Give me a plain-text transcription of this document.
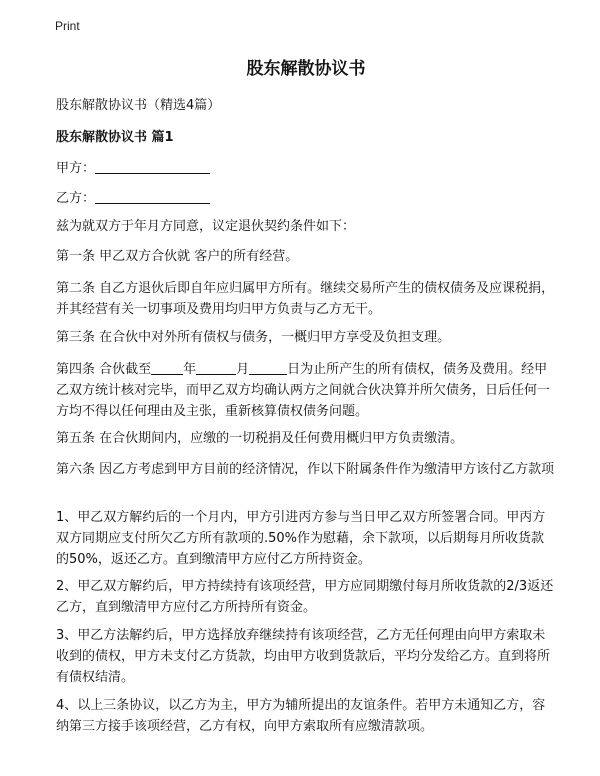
Print
股东解散协议书

股东解散协议书（精选4篇）

股东解散协议书 篇1

甲方：

乙方：

兹为就双方于年月方同意，议定退伙契约条件如下：

第一条 甲乙双方合伙就 客户的所有经营。

第二条 自乙方退伙后即自年应归属甲方所有。继续交易所产生的债权债务及应课税捐，并其经营有关一切事项及费用均归甲方负责与乙方无干。

第三条 在合伙中对外所有债权与债务，一概归甲方享受及负担支理。

第四条 合伙截至 年	月	日为止所产生的所有债权，债务及费用。经甲乙双方统计核对完毕，而甲乙双方均确认两方之间就合伙决算并所欠债务，日后任何一方均不得以任何理由及主张，重新核算债权债务问题。

第五条 在合伙期间内，应缴的一切税捐及任何费用概归甲方负责缴清。

第六条 因乙方考虑到甲方目前的经济情况，作以下附属条件作为缴清甲方该付乙方款项

1、甲乙双方解约后的一个月内，甲方引进丙方参与当日甲乙双方所签署合同。甲丙方双方同期应支付所欠乙方所有款项的.50%作为慰藉，余下款项，以后期每月所收货款的50%，返还乙方。直到缴清甲方应付乙方所持资金。

2、甲乙双方解约后，甲方持续持有该项经营，甲方应同期缴付每月所收货款的2/3返还乙方，直到缴清甲方应付乙方所持所有资金。

3、甲乙方法解约后，甲方选择放弃继续持有该项经营，乙方无任何理由向甲方索取未收到的债权，甲方未支付乙方货款，均由甲方收到货款后，平均分发给乙方。直到将所有债权结清。

4、以上三条协议，以乙方为主，甲方为辅所提出的友谊条件。若甲方未通知乙方，容纳第三方接手该项经营，乙方有权，向甲方索取所有应缴清款项。
